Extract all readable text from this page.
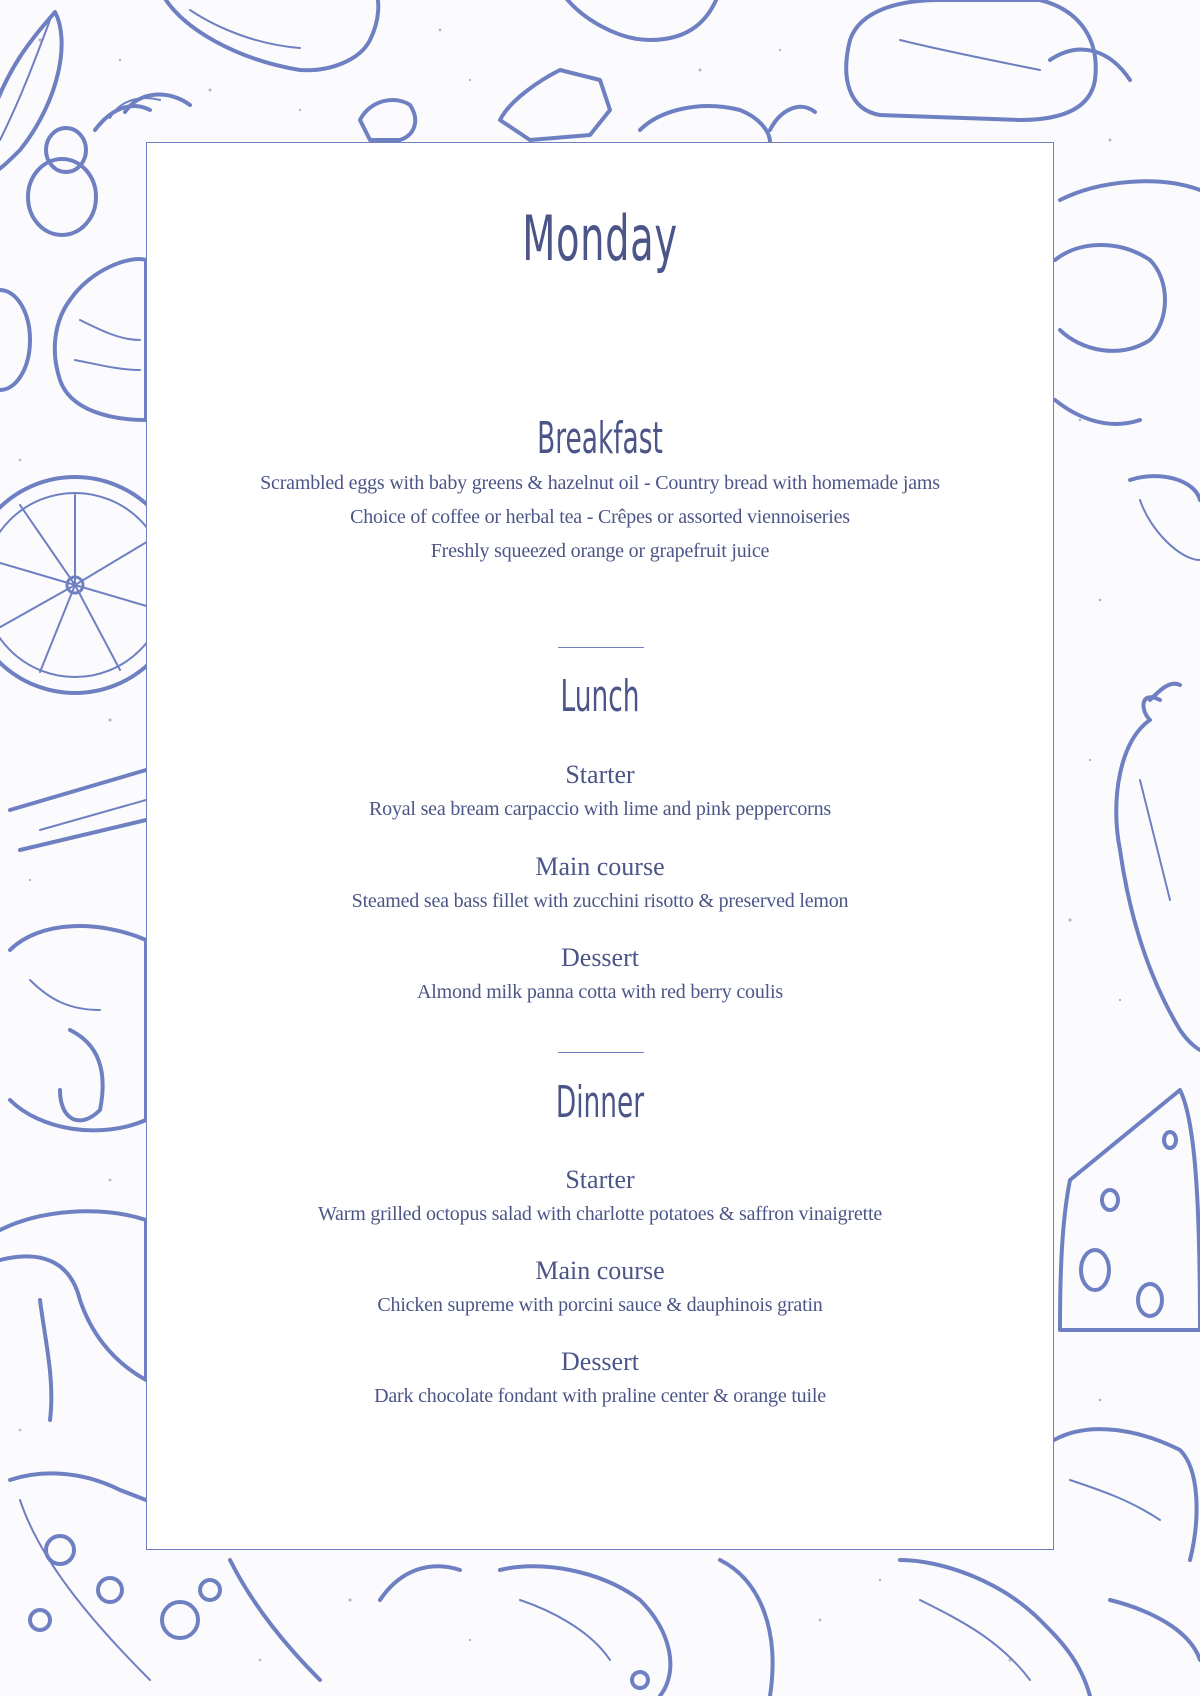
Monday
Breakfast
Scrambled eggs with baby greens & hazelnut oil - Country bread with homemade jams
Choice of coffee or herbal tea - Crêpes or assorted viennoiseries
Freshly squeezed orange or grapefruit juice
Lunch
Starter
Royal sea bream carpaccio with lime and pink peppercorns
Main course
Steamed sea bass fillet with zucchini risotto & preserved lemon
Dessert
Almond milk panna cotta with red berry coulis
Dinner
Starter
Warm grilled octopus salad with charlotte potatoes & saffron vinaigrette
Main course
Chicken supreme with porcini sauce & dauphinois gratin
Dessert
Dark chocolate fondant with praline center & orange tuile
